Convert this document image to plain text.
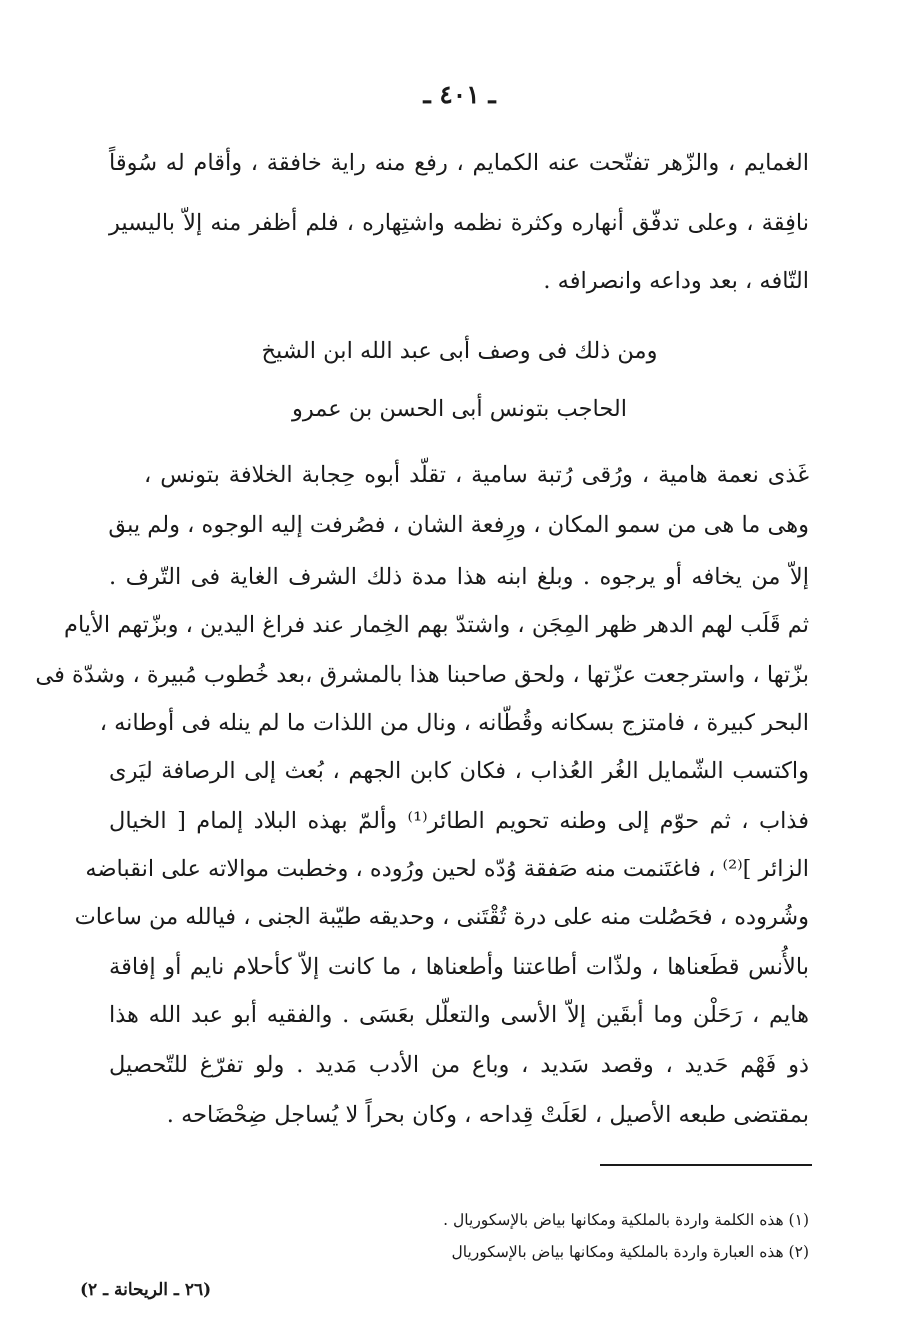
ـ ٤٠١ ـ
الغمايم ، والزّهر تفتّحت عنه الكمايم ، رفع منه راية خافقة ، وأقام له سُوقاً
نافِقة ، وعلى تدفّق أنهاره وكثرة نظمه واشتِهاره ، فلم أظفر منه إلاّ باليسير
التّافه ، بعد وداعه وانصرافه .
ومن ذلك فى وصف أبى عبد الله ابن الشيخ
الحاجب بتونس أبى الحسن بن عمرو
غَذى نعمة هامية ، ورُقى رُتبة سامية ، تقلّد أبوه حِجابة الخلافة بتونس ،
وهى ما هى من سمو المكان ، ورِفعة الشان ، فصُرفت إليه الوجوه ، ولم يبق
إلاّ من يخافه أو يرجوه . وبلغ ابنه هذا مدة ذلك الشرف الغاية فى التّرف .
ثم قَلَب لهم الدهر ظهر المِجَن ، واشتدّ بهم الخِمار عند فراغ اليدين ، وبزّتهم الأيام
بزّتها ، واسترجعت عزّتها ، ولحق صاحبنا هذا بالمشرق ،بعد خُطوب مُبيرة ، وشدّة فى
البحر كبيرة ، فامتزج بسكانه وقُطّانه ، ونال من اللذات ما لم ينله فى أوطانه ،
واكتسب الشّمايل الغُر العُذاب ، فكان كابن الجهم ، بُعث إلى الرصافة ليَرى
فذاب ، ثم حوّم إلى وطنه تحويم الطائر⁽¹⁾ وألمّ بهذه البلاد إلمام [ الخيال
الزائر ]⁽²⁾ ، فاغتَنمت منه صَفقة وُدّه لحين ورُوده ، وخطبت موالاته على انقباضه
وشُروده ، فحَصُلت منه على درة تُقْتَنى ، وحديقه طيّبة الجنى ، فيالله من ساعات
بالأُنس قطَعناها ، ولذّات أطاعتنا وأطعناها ، ما كانت إلاّ كأحلام نايم أو إفاقة
هايم ، رَحَلْن وما أبقَين إلاّ الأسى والتعلّل بعَسَى . والفقيه أبو عبد الله هذا
ذو فَهْم حَديد ، وقصد سَديد ، وباع من الأدب مَديد . ولو تفرّغ للتّحصيل
بمقتضى طبعه الأصيل ، لعَلَتْ قِداحه ، وكان بحراً لا يُساجل ضِحْضَاحه .
(١) هذه الكلمة واردة بالملكية ومكانها بياض بالإسكوريال .
(٢) هذه العبارة واردة بالملكية ومكانها بياض بالإسكوريال
(٢٦ ـ الريحانة ـ ٢)
